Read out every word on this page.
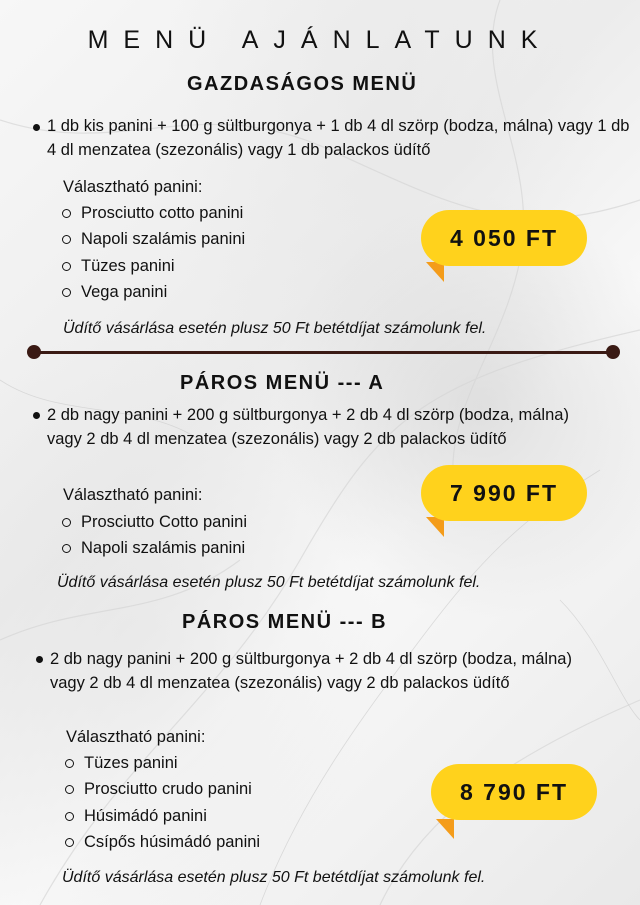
MENÜ AJÁNLATUNK
GAZDASÁGOS MENÜ
1 db kis panini + 100 g sültburgonya + 1 db 4 dl szörp (bodza, málna) vagy 1 db 4 dl menzatea (szezonális) vagy 1 db palackos üdítő
Választható panini:
Prosciutto cotto panini
Napoli szalámis panini
Tüzes panini
Vega panini
4 050 FT
Üdítő vásárlása esetén plusz 50 Ft betétdíjat számolunk fel.
PÁROS MENÜ --- A
2 db nagy panini + 200 g sültburgonya + 2 db 4 dl szörp (bodza, málna) vagy 2 db 4 dl menzatea (szezonális) vagy 2 db palackos üdítő
Választható panini:
Prosciutto Cotto panini
Napoli szalámis panini
7 990 FT
Üdítő vásárlása esetén plusz 50 Ft betétdíjat számolunk fel.
PÁROS MENÜ --- B
2 db nagy panini + 200 g sültburgonya + 2 db 4 dl szörp (bodza, málna) vagy 2 db 4 dl menzatea (szezonális) vagy 2 db palackos üdítő
Választható panini:
Tüzes panini
Prosciutto crudo panini
Húsimádó panini
Csípős húsimádó panini
8 790 FT
Üdítő vásárlása esetén plusz 50 Ft betétdíjat számolunk fel.
